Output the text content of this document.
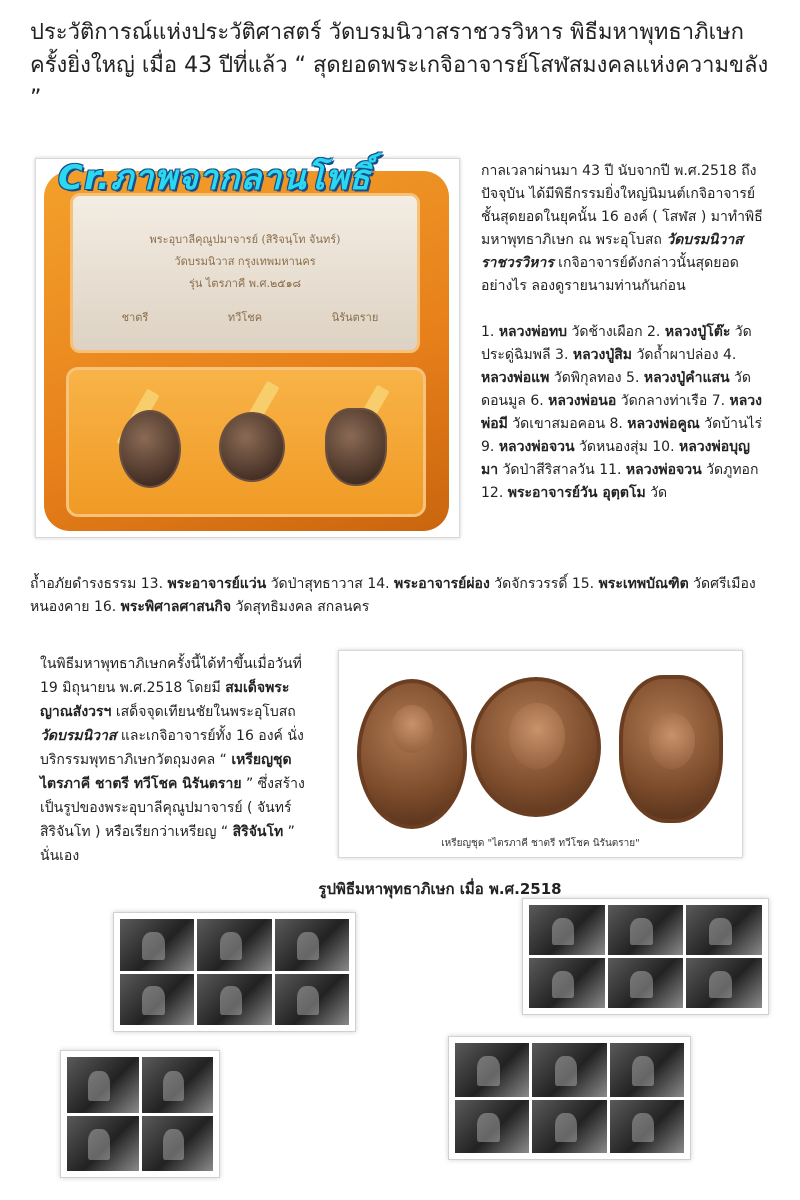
ประวัติการณ์แห่งประวัติศาสตร์ วัดบรมนิวาสราชวรวิหาร พิธีมหาพุทธาภิเษกครั้งยิ่งใหญ่ เมื่อ 43 ปีที่แล้ว “ สุดยอดพระเกจิอาจารย์โสฬสมงคลแห่งความขลัง ”
พระอุบาลีคุณูปมาจารย์ (สิริจนฺโท จันทร์)
วัดบรมนิวาส กรุงเทพมหานคร
รุ่น ไตรภาคี พ.ศ.๒๕๑๘
ชาตรี	ทวีโชค	นิรันตราย
Cr.ภาพจากลานโพธิ์	กาลเวลาผ่านมา 43 ปี นับจากปี พ.ศ.2518 ถึงปัจจุบัน ได้มีพิธีกรรมยิ่งใหญ่นิมนต์เกจิอาจารย์ชั้นสุดยอดในยุคนั้น 16 องค์ ( โสฬส ) มาทำพิธีมหาพุทธาภิเษก ณ พระอุโบสถ วัดบรมนิวาสราชวรวิหาร เกจิอาจารย์ดังกล่าวนั้นสุดยอดอย่างไร ลองดูรายนามท่านกันก่อน

1. หลวงพ่อทบ วัดช้างเผือก 2. หลวงปู่โต๊ะ วัดประดู่ฉิมพลี 3. หลวงปู่สิม วัดถ้ำผาปล่อง 4. หลวงพ่อแพ วัดพิกุลทอง 5. หลวงปู่คำแสน วัดดอนมูล 6. หลวงพ่อนอ วัดกลางท่าเรือ 7. หลวงพ่อมี วัดเขาสมอคอน 8. หลวงพ่อคูณ วัดบ้านไร่ 9. หลวงพ่อจวน วัดหนองสุ่ม 10. หลวงพ่อบุญมา วัดป่าสีริสาลวัน 11. หลวงพ่อจวน วัดภูทอก 12. พระอาจารย์วัน อุตฺตโม วัด

ถ้ำอภัยดำรงธรรม 13. พระอาจารย์แว่น วัดป่าสุทธาวาส 14. พระอาจารย์ผ่อง วัดจักรวรรดิ์ 15. พระเทพบัณฑิต วัดศรีเมือง หนองคาย 16. พระพิศาลศาสนกิจ วัดสุทธิมงคล สกลนคร

ในพิธีมหาพุทธาภิเษกครั้งนี้ได้ทำขึ้นเมื่อวันที่ 19 มิถุนายน พ.ศ.2518 โดยมี สมเด็จพระญาณสังวรฯ เสด็จจุดเทียนชัยในพระอุโบสถ วัดบรมนิวาส และเกจิอาจารย์ทั้ง 16 องค์ นั่งบริกรรมพุทธาภิเษกวัตถุมงคล “ เหรียญชุดไตรภาคี ชาตรี ทวีโชค นิรันตราย ” ซึ่งสร้างเป็นรูปของพระอุบาลีคุณูปมาจารย์ ( จันทร์ สิริจันโท ) หรือเรียกว่าเหรียญ “ สิริจันโท ” นั่นเอง

เหรียญชุด "ไตรภาคี ชาตรี ทวีโชค นิรันตราย"
รูปพิธีมหาพุทธาภิเษก เมื่อ พ.ศ.2518
